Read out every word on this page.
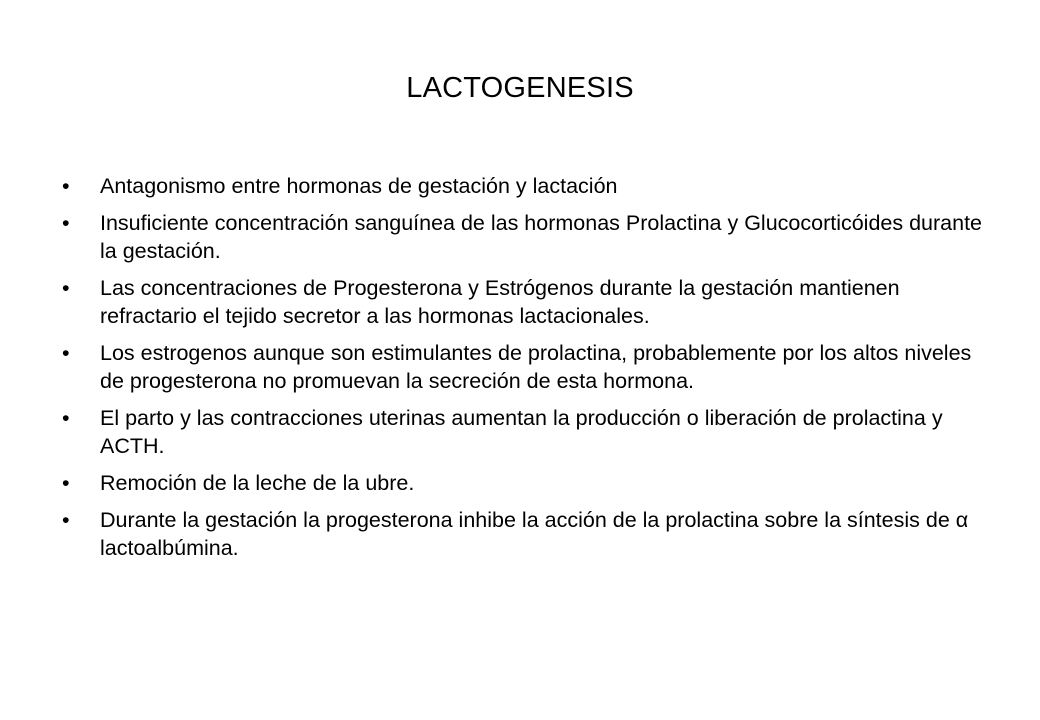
LACTOGENESIS
•	Antagonismo entre hormonas de gestación y lactación
•	Insuficiente concentración sanguínea de las hormonas Prolactina y Glucocorticóides durante la gestación.
•	Las concentraciones de Progesterona y Estrógenos durante la gestación mantienen refractario el tejido secretor a las hormonas lactacionales.
•	Los estrogenos aunque son estimulantes de prolactina, probablemente por los altos niveles de progesterona no promuevan la secreción de esta hormona.
•	El parto y las contracciones uterinas aumentan la producción o liberación de prolactina y ACTH.
•	Remoción de la leche de la ubre.
•	Durante la gestación la progesterona inhibe la acción de la prolactina sobre la síntesis de α lactoalbúmina.
